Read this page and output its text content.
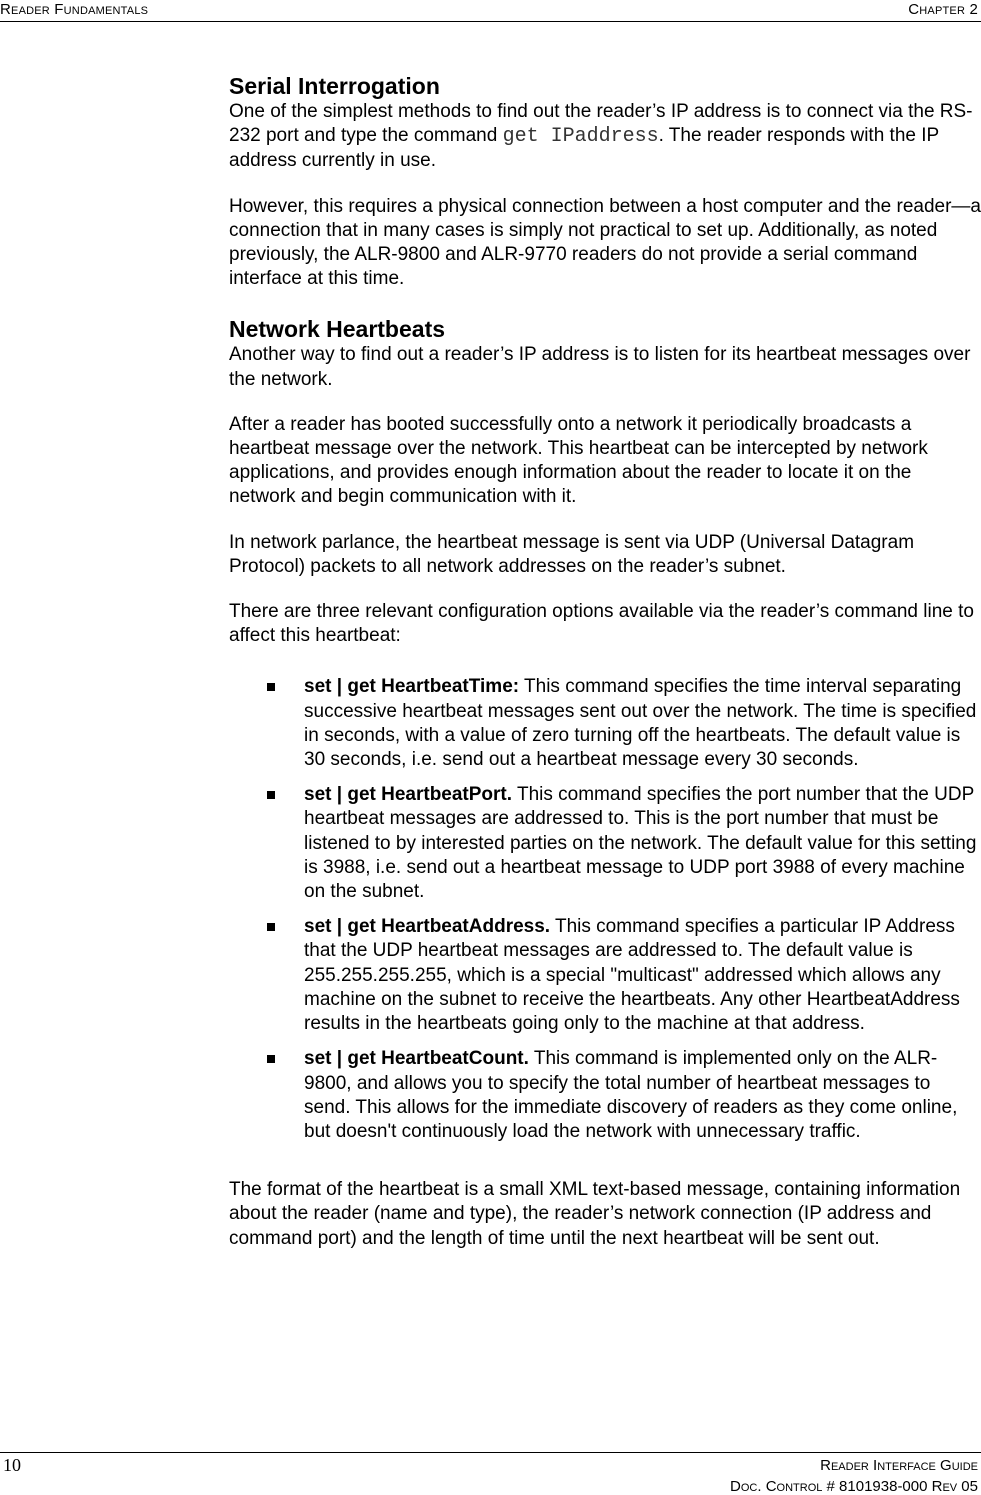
Reader Fundamentals	Chapter 2
Serial Interrogation

One of the simplest methods to find out the reader’s IP address is to connect via the RS-232 port and type the command get IPaddress. The reader responds with the IP address currently in use.

However, this requires a physical connection between a host computer and the reader—a connection that in many cases is simply not practical to set up. Additionally, as noted previously, the ALR-9800 and ALR-9770 readers do not provide a serial command interface at this time.

Network Heartbeats

Another way to find out a reader’s IP address is to listen for its heartbeat messages over the network.

After a reader has booted successfully onto a network it periodically broadcasts a heartbeat message over the network. This heartbeat can be intercepted by network applications, and provides enough information about the reader to locate it on the network and begin communication with it.

In network parlance, the heartbeat message is sent via UDP (Universal Datagram Protocol) packets to all network addresses on the reader’s subnet.

There are three relevant configuration options available via the reader’s command line to affect this heartbeat:

set | get HeartbeatTime: This command specifies the time interval separating successive heartbeat messages sent out over the network. The time is specified in seconds, with a value of zero turning off the heartbeats. The default value is 30 seconds, i.e. send out a heartbeat message every 30 seconds.
set | get HeartbeatPort. This command specifies the port number that the UDP heartbeat messages are addressed to. This is the port number that must be listened to by interested parties on the network. The default value for this setting is 3988, i.e. send out a heartbeat message to UDP port 3988 of every machine on the subnet.
set | get HeartbeatAddress. This command specifies a particular IP Address that the UDP heartbeat messages are addressed to. The default value is 255.255.255.255, which is a special "multicast" addressed which allows any machine on the subnet to receive the heartbeats. Any other HeartbeatAddress results in the heartbeats going only to the machine at that address.
set | get HeartbeatCount. This command is implemented only on the ALR-9800, and allows you to specify the total number of heartbeat messages to send. This allows for the immediate discovery of readers as they come online, but doesn't continuously load the network with unnecessary traffic.

The format of the heartbeat is a small XML text-based message, containing information about the reader (name and type), the reader’s network connection (IP address and command port) and the length of time until the next heartbeat will be sent out.

10	Reader Interface Guide
Doc. Control # 8101938-000 Rev 05
